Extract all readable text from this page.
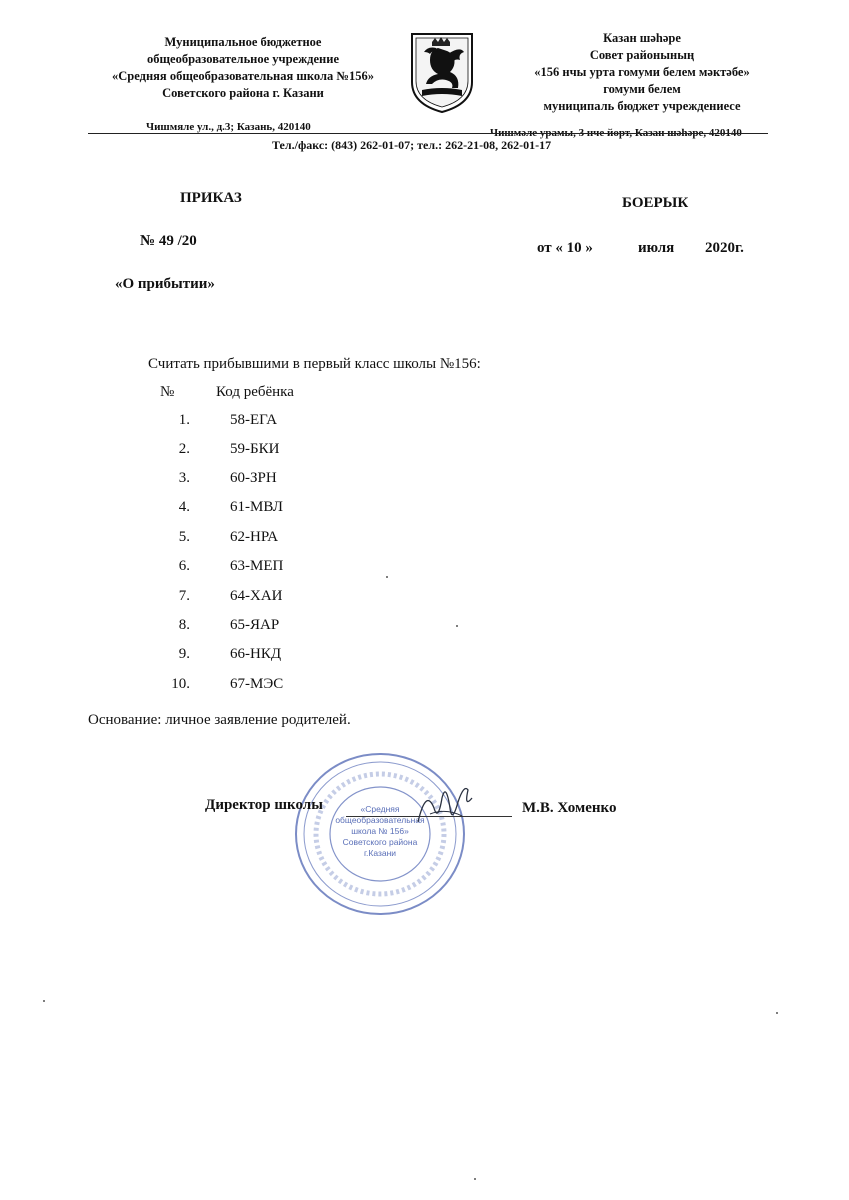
Муниципальное бюджетное
общеобразовательное учреждение
«Средняя общеобразовательная школа №156»
Советского района г. Казани
Казан шәһәре
Совет районының
«156 нчы урта гомуми белем мәктәбе»
гомуми белем
муниципаль бюджет учреждениесе
Чишмяле ул., д.3; Казань, 420140	Чишмәле урамы, 3 нче йорт, Казан шәһәре, 420140
Тел./факс: (843) 262-01-07; тел.: 262-21-08, 262-01-17
ПРИКАЗ	БОЕРЫК
№ 49 /20	от « 10 »	июля 2020г.
«О прибытии»
Считать прибывшими в первый класс школы №156:
№	Код ребёнка
1.	58-ЕГА
2.	59-БКИ
3.	60-ЗРН
4.	61-МВЛ
5.	62-НРА
6.	63-МЕП
7.	64-ХАИ
8.	65-ЯАР
9.	66-НКД
10.	67-МЭС
Основание: личное заявление родителей.
«Средняя
общеобразовательная
школа № 156»
Советского района
г.Казани
Директор школы	М.В. Хоменко
